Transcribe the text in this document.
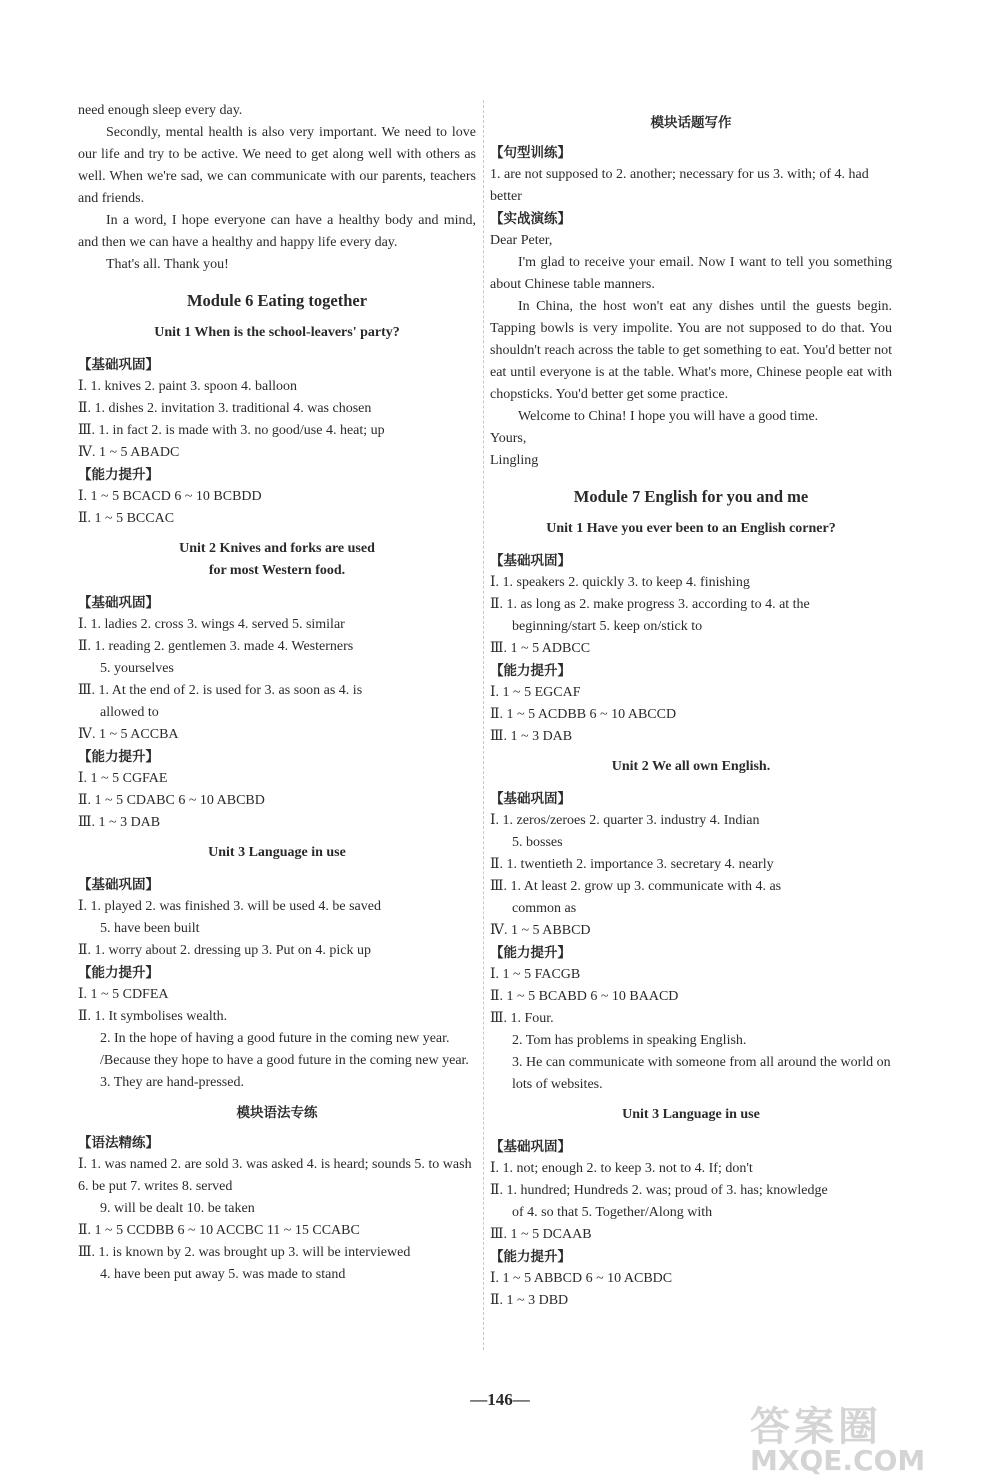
need enough sleep every day.

Secondly, mental health is also very important. We need to love our life and try to be active. We need to get along well with others as well. When we're sad, we can communicate with our parents, teachers and friends.

In a word, I hope everyone can have a healthy body and mind, and then we can have a healthy and happy life every day.

That's all. Thank you!

Module 6 Eating together
Unit 1 When is the school-leavers' party?

【基础巩固】

Ⅰ. 1. knives 2. paint 3. spoon 4. balloon

Ⅱ. 1. dishes 2. invitation 3. traditional 4. was chosen

Ⅲ. 1. in fact 2. is made with 3. no good/use 4. heat; up

Ⅳ. 1 ~ 5 ABADC

【能力提升】

Ⅰ. 1 ~ 5 BCACD 6 ~ 10 BCBDD

Ⅱ. 1 ~ 5 BCCAC

Unit 2 Knives and forks are used
for most Western food.

【基础巩固】

Ⅰ. 1. ladies 2. cross 3. wings 4. served 5. similar

Ⅱ. 1. reading 2. gentlemen 3. made 4. Westerners

5. yourselves

Ⅲ. 1. At the end of 2. is used for 3. as soon as 4. is

allowed to

Ⅳ. 1 ~ 5 ACCBA

【能力提升】

Ⅰ. 1 ~ 5 CGFAE

Ⅱ. 1 ~ 5 CDABC 6 ~ 10 ABCBD

Ⅲ. 1 ~ 3 DAB

Unit 3 Language in use

【基础巩固】

Ⅰ. 1. played 2. was finished 3. will be used 4. be saved

5. have been built

Ⅱ. 1. worry about 2. dressing up 3. Put on 4. pick up

【能力提升】

Ⅰ. 1 ~ 5 CDFEA

Ⅱ. 1. It symbolises wealth.

2. In the hope of having a good future in the coming new year. /Because they hope to have a good future in the coming new year.

3. They are hand-pressed.

模块语法专练

【语法精练】

Ⅰ. 1. was named 2. are sold 3. was asked 4. is heard; sounds 5. to wash 6. be put 7. writes 8. served

9. will be dealt 10. be taken

Ⅱ. 1 ~ 5 CCDBB 6 ~ 10 ACCBC 11 ~ 15 CCABC

Ⅲ. 1. is known by 2. was brought up 3. will be interviewed

4. have been put away 5. was made to stand

模块话题写作

【句型训练】

1. are not supposed to 2. another; necessary for us 3. with; of 4. had better

【实战演练】

Dear Peter,

I'm glad to receive your email. Now I want to tell you something about Chinese table manners.

In China, the host won't eat any dishes until the guests begin. Tapping bowls is very impolite. You are not supposed to do that. You shouldn't reach across the table to get something to eat. You'd better not eat until everyone is at the table. What's more, Chinese people eat with chopsticks. You'd better get some practice.

Welcome to China! I hope you will have a good time.

Yours,

Lingling

Module 7 English for you and me
Unit 1 Have you ever been to an English corner?

【基础巩固】

Ⅰ. 1. speakers 2. quickly 3. to keep 4. finishing

Ⅱ. 1. as long as 2. make progress 3. according to 4. at the

beginning/start 5. keep on/stick to

Ⅲ. 1 ~ 5 ADBCC

【能力提升】

Ⅰ. 1 ~ 5 EGCAF

Ⅱ. 1 ~ 5 ACDBB 6 ~ 10 ABCCD

Ⅲ. 1 ~ 3 DAB

Unit 2 We all own English.

【基础巩固】

Ⅰ. 1. zeros/zeroes 2. quarter 3. industry 4. Indian

5. bosses

Ⅱ. 1. twentieth 2. importance 3. secretary 4. nearly

Ⅲ. 1. At least 2. grow up 3. communicate with 4. as

common as

Ⅳ. 1 ~ 5 ABBCD

【能力提升】

Ⅰ. 1 ~ 5 FACGB

Ⅱ. 1 ~ 5 BCABD 6 ~ 10 BAACD

Ⅲ. 1. Four.

2. Tom has problems in speaking English.

3. He can communicate with someone from all around the world on lots of websites.

Unit 3 Language in use

【基础巩固】

Ⅰ. 1. not; enough 2. to keep 3. not to 4. If; don't

Ⅱ. 1. hundred; Hundreds 2. was; proud of 3. has; knowledge

of 4. so that 5. Together/Along with

Ⅲ. 1 ~ 5 DCAAB

【能力提升】

Ⅰ. 1 ~ 5 ABBCD 6 ~ 10 ACBDC

Ⅱ. 1 ~ 3 DBD

—146—
答案圈
MXQE.COM
